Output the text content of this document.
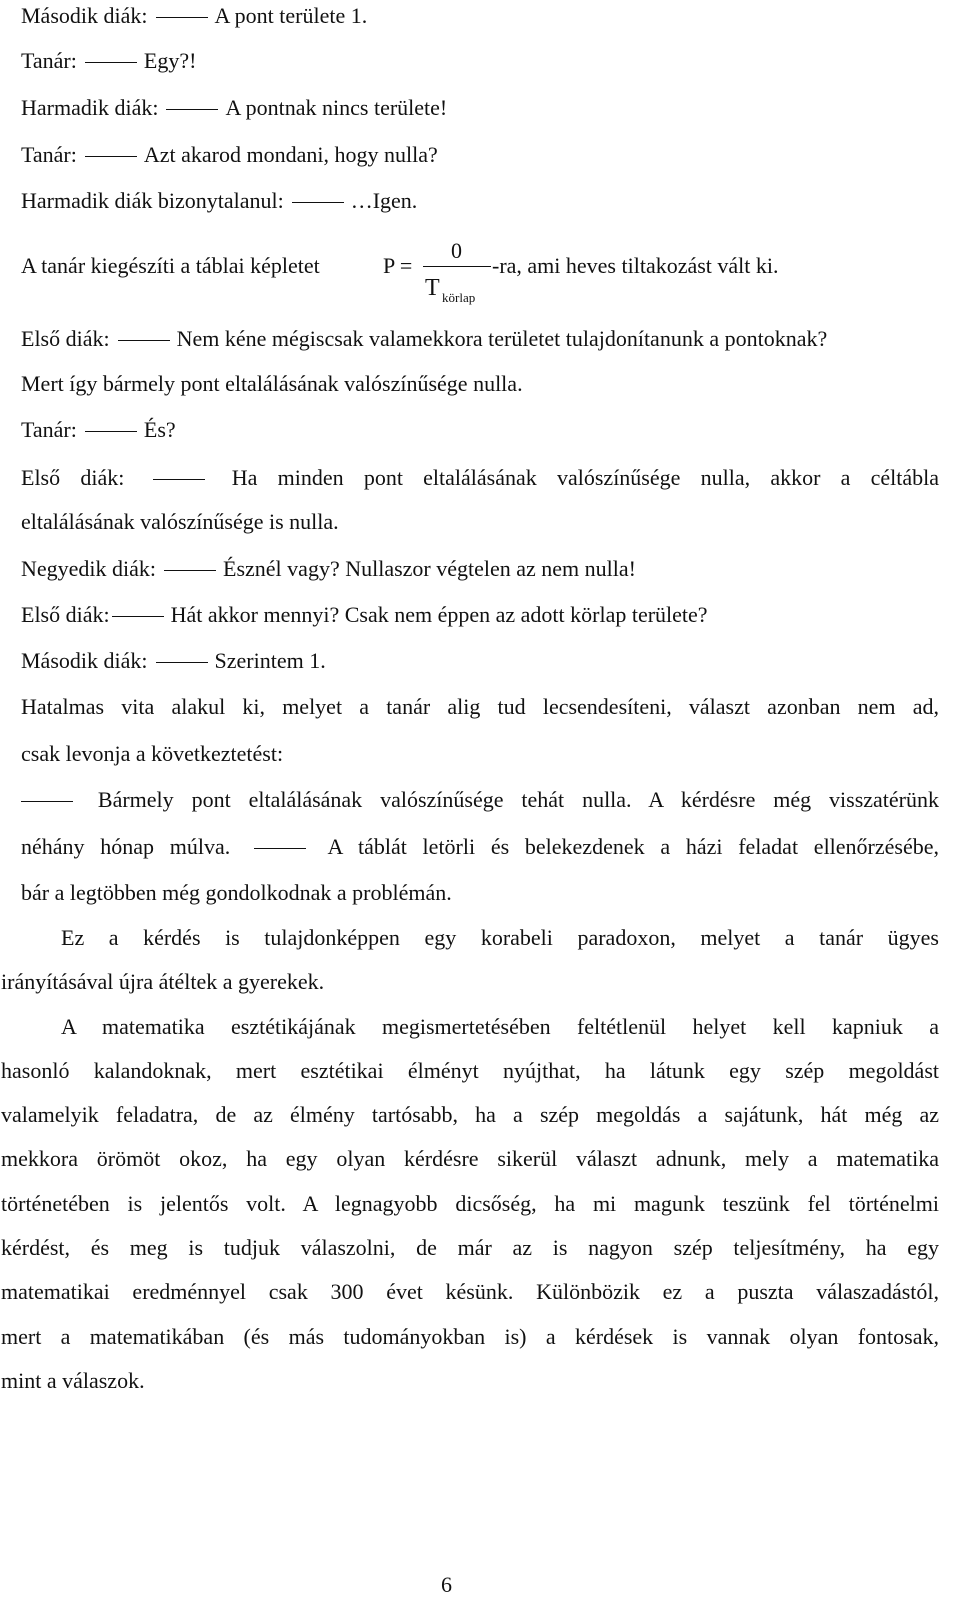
Második diák:	A pont területe 1.
Tanár:	Egy?!
Harmadik diák:	A pontnak nincs területe!
Tanár:	Azt akarod mondani, hogy nulla?
Harmadik diák bizonytalanul:	…Igen.
A tanár kiegészíti a táblai képletet	P =
0
T körlap
-ra, ami heves tiltakozást vált ki.
Első diák:	Nem kéne mégiscsak valamekkora területet tulajdonítanunk a pontoknak?
Mert így bármely pont eltalálásának valószínűsége nulla.
Tanár:	És?
Első diák:	Ha minden pont eltalálásának valószínűsége nulla, akkor a céltábla
eltalálásának valószínűsége is nulla.
Negyedik diák:	Észnél vagy? Nullaszor végtelen az nem nulla!
Első diák:	Hát akkor mennyi? Csak nem éppen az adott körlap területe?
Második diák:	Szerintem 1.
Hatalmas vita alakul ki, melyet a tanár alig tud lecsendesíteni, választ azonban nem ad,
csak levonja a következtetést:
Bármely pont eltalálásának valószínűsége tehát nulla. A kérdésre még visszatérünk
néhány hónap múlva.	A táblát letörli és belekezdenek a házi feladat ellenőrzésébe,
bár a legtöbben még gondolkodnak a problémán.
Ez a kérdés is tulajdonképpen egy korabeli paradoxon, melyet a tanár ügyes
irányításával újra átéltek a gyerekek.
A matematika esztétikájának megismertetésében feltétlenül helyet kell kapniuk a
hasonló kalandoknak, mert esztétikai élményt nyújthat, ha látunk egy szép megoldást
valamelyik feladatra, de az élmény tartósabb, ha a szép megoldás a sajátunk, hát még az
mekkora örömöt okoz, ha egy olyan kérdésre sikerül választ adnunk, mely a matematika
történetében is jelentős volt. A legnagyobb dicsőség, ha mi magunk teszünk fel történelmi
kérdést, és meg is tudjuk válaszolni, de már az is nagyon szép teljesítmény, ha egy
matematikai eredménnyel csak 300 évet késünk. Különbözik ez a puszta válaszadástól,
mert a matematikában (és más tudományokban is) a kérdések is vannak olyan fontosak,
mint a válaszok.
6
